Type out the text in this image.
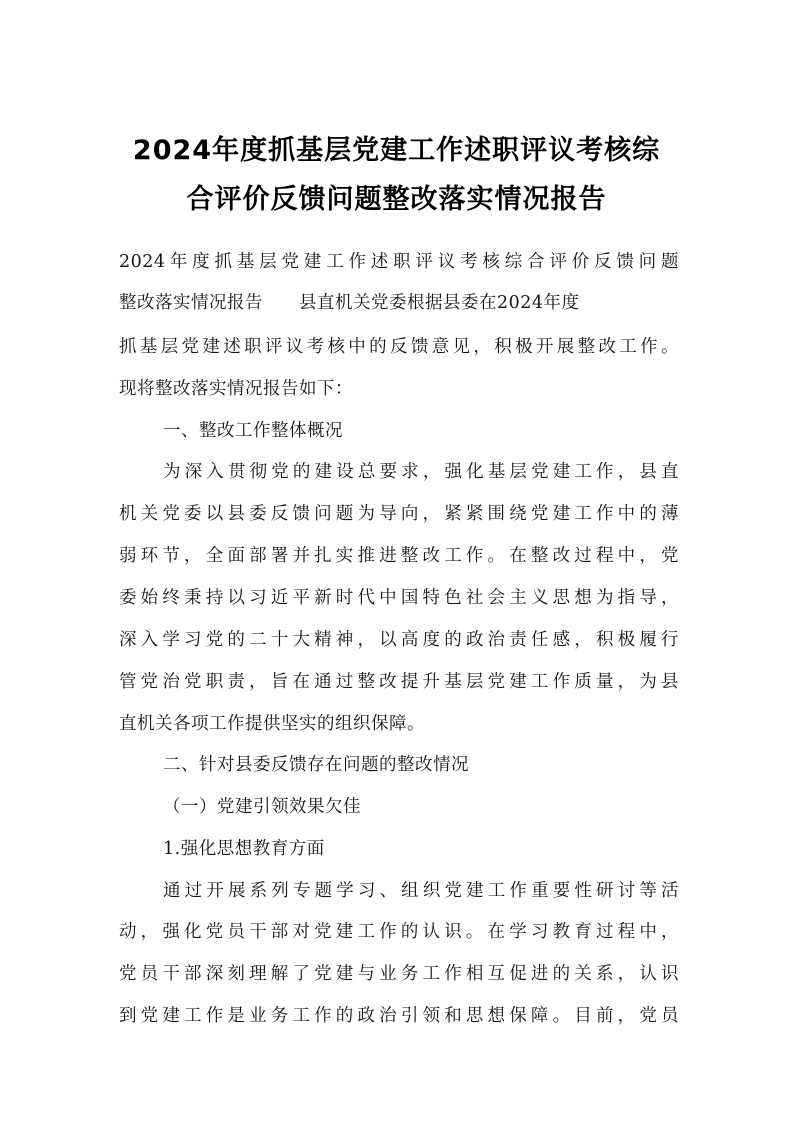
2024年度抓基层党建工作述职评议考核综
合评价反馈问题整改落实情况报告
2024年度抓基层党建工作述职评议考核综合评价反馈问题
整改落实情况报告　　县直机关党委根据县委在2024年度
抓基层党建述职评议考核中的反馈意见，积极开展整改工作。
现将整改落实情况报告如下：
一、整改工作整体概况
为深入贯彻党的建设总要求，强化基层党建工作，县直
机关党委以县委反馈问题为导向，紧紧围绕党建工作中的薄
弱环节，全面部署并扎实推进整改工作。在整改过程中，党
委始终秉持以习近平新时代中国特色社会主义思想为指导，
深入学习党的二十大精神，以高度的政治责任感，积极履行
管党治党职责，旨在通过整改提升基层党建工作质量，为县
直机关各项工作提供坚实的组织保障。
二、针对县委反馈存在问题的整改情况
（一）党建引领效果欠佳
1.强化思想教育方面
通过开展系列专题学习、组织党建工作重要性研讨等活
动，强化党员干部对党建工作的认识。在学习教育过程中，
党员干部深刻理解了党建与业务工作相互促进的关系，认识
到党建工作是业务工作的政治引领和思想保障。目前，党员
